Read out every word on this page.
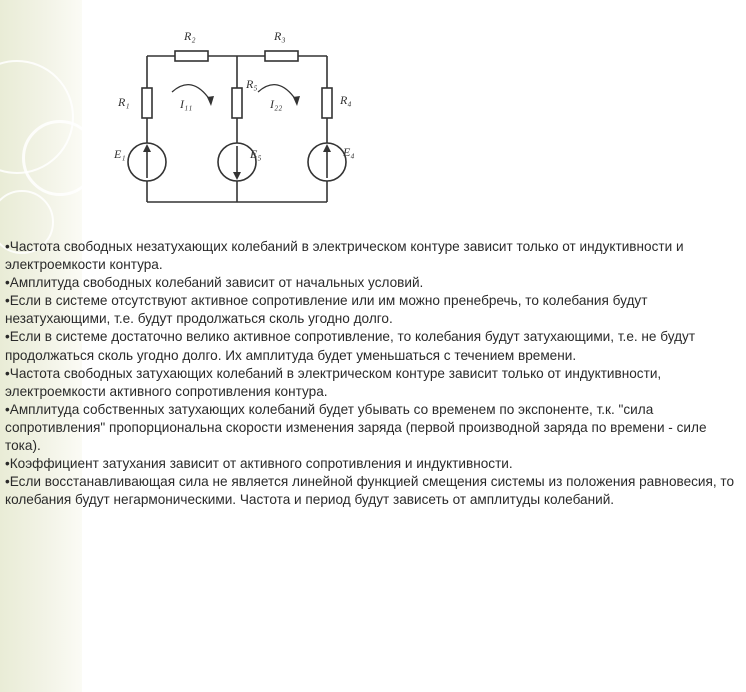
R₂	R₃
R₁
R₅
R₄
E₁	E₅	E₄
I₁₁	I₂₂

•Частота свободных незатухающих колебаний в электрическом контуре зависит только от индуктивности и электроемкости контура.

•Амплитуда свободных колебаний зависит от начальных условий.

•Если в системе отсутствуют активное сопротивление или им можно пренебречь, то колебания будут незатухающими, т.е. будут продолжаться сколь угодно долго.

•Если в системе достаточно велико активное сопротивление, то колебания будут затухающими, т.е. не будут продолжаться сколь угодно долго. Их амплитуда будет уменьшаться с течением времени.

•Частота свободных затухающих колебаний в электрическом контуре зависит только от индуктивности, электроемкости активного сопротивления контура.

•Амплитуда собственных затухающих колебаний будет убывать со временем по экспоненте, т.к. "сила сопротивления" пропорциональна скорости изменения заряда (первой производной заряда по времени - силе тока).

•Коэффициент затухания зависит от активного сопротивления и индуктивности.

•Если восстанавливающая сила не является линейной функцией смещения системы из положения равновесия, то колебания будут негармоническими. Частота и период будут зависеть от амплитуды колебаний.
